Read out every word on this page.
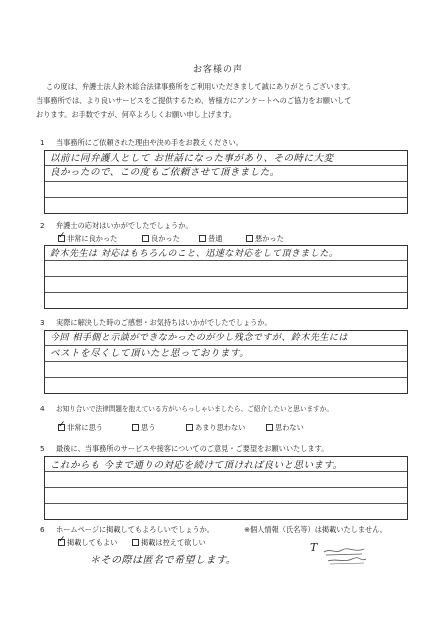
お客様の声
この度は、弁護士法人鈴木総合法律事務所をご利用いただきまして誠にありがとうございます。
当事務所では、より良いサービスをご提供するため、皆様方にアンケートへのご協力をお願いして
おります。お手数ですが、何卒よろしくお願い申し上げます。
1 当事務所にご依頼された理由や決め手をお教えください。
以前に同弁護人として お世話になった事があり、その時に大変
良かったので、この度もご依頼させて頂きました。
2 弁護士の応対はいかがでしたでしょうか。
✓非常に良かった	良かった	普通	悪かった
鈴木先生は 対応はもちろんのこと、迅速な対応をして頂きました。
3 実際に解決した時のご感想・お気持ちはいかがでしたでしょうか。
今回 相手側と示談ができなかったのが少し残念ですが、鈴木先生には
ベストを尽くして頂いたと思っております。
4 お知り合いで法律問題を抱えている方がいらっしゃいましたら、ご紹介したいと思いますか。
✓非常に思う	思う	あまり思わない	思わない
5 最後に、当事務所のサービスや接客についてのご意見・ご要望をお願いいたします。
これからも 今まで通りの対応を続けて頂ければ良いと思います。
6 ホームページに掲載してもよろしいでしょうか。	※個人情報（氏名等）は掲載いたしません。
✓掲載してもよい	掲載は控えて欲しい
＊その際は匿名で希望します。
T
